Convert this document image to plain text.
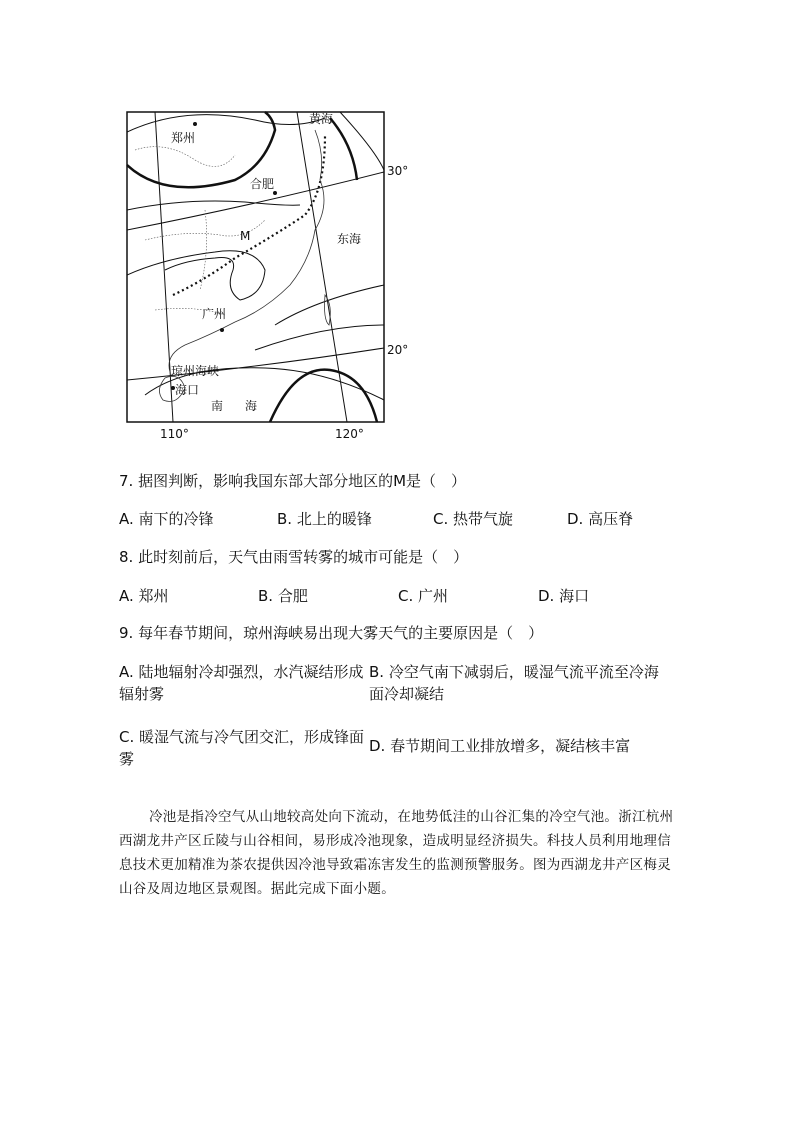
郑州
合肥
广州
海口
黄海
东海
南 海
琼州海峡
M
30°
20°
110°	120°
7. 据图判断，影响我国东部大部分地区的M是（　）
A. 南下的冷锋	B. 北上的暖锋	C. 热带气旋	D. 高压脊
8. 此时刻前后，天气由雨雪转雾的城市可能是（　）
A. 郑州	B. 合肥	C. 广州	D. 海口
9. 每年春节期间，琼州海峡易出现大雾天气的主要原因是（　）
A. 陆地辐射冷却强烈，水汽凝结形成辐射雾
B. 冷空气南下减弱后，暖湿气流平流至冷海面冷却凝结
C. 暖湿气流与冷气团交汇，形成锋面雾
D. 春节期间工业排放增多，凝结核丰富
冷池是指冷空气从山地较高处向下流动，在地势低洼的山谷汇集的冷空气池。浙江杭州西湖龙井产区丘陵与山谷相间，易形成冷池现象，造成明显经济损失。科技人员利用地理信息技术更加精准为茶农提供因冷池导致霜冻害发生的监测预警服务。图为西湖龙井产区梅灵山谷及周边地区景观图。据此完成下面小题。
